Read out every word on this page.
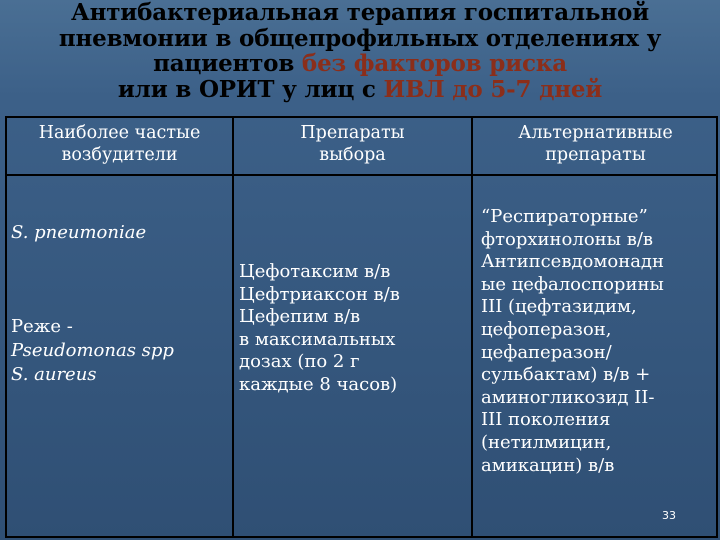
Антибактериальная терапия госпитальной
пневмонии в общепрофильных отделениях у
пациентов без факторов риска
или в ОРИТ у лиц с ИВЛ до 5-7 дней
Наиболее частые
возбудители
Препараты
выбора
Альтернативные
препараты
S. pneumoniae
Реже -
Pseudomonas spp
S. aureus
Цефотаксим в/в
Цефтриаксон в/в
Цефепим в/в
в максимальных
дозах (по 2 г
каждые 8 часов)
“Респираторные”
фторхинолоны в/в
Антипсевдомонадн
ые цефалоспорины
III (цефтазидим,
цефоперазон,
цефаперазон/
сульбактам) в/в +
аминогликозид II-
III поколения
(нетилмицин,
амикацин) в/в
33
